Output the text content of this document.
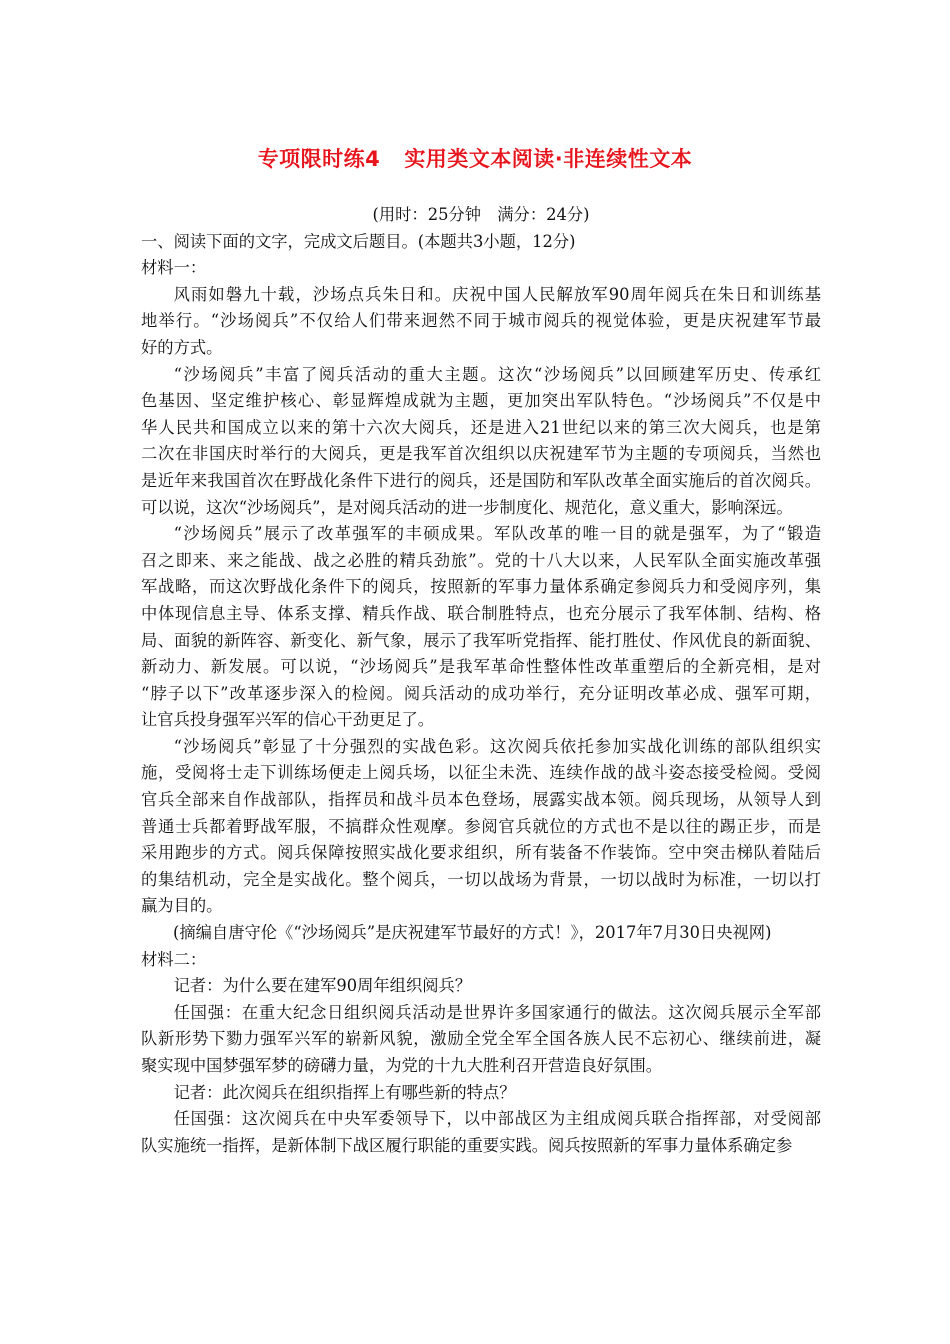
专项限时练4 实用类文本阅读·非连续性文本
(用时：25分钟　满分：24分)
一、阅读下面的文字，完成文后题目。(本题共3小题，12分)
材料一：
风雨如磐九十载，沙场点兵朱日和。庆祝中国人民解放军90周年阅兵在朱日和训练基
地举行。“沙场阅兵”不仅给人们带来迥然不同于城市阅兵的视觉体验，更是庆祝建军节最
好的方式。
“沙场阅兵”丰富了阅兵活动的重大主题。这次“沙场阅兵”以回顾建军历史、传承红
色基因、坚定维护核心、彰显辉煌成就为主题，更加突出军队特色。“沙场阅兵”不仅是中
华人民共和国成立以来的第十六次大阅兵，还是进入21世纪以来的第三次大阅兵，也是第
二次在非国庆时举行的大阅兵，更是我军首次组织以庆祝建军节为主题的专项阅兵，当然也
是近年来我国首次在野战化条件下进行的阅兵，还是国防和军队改革全面实施后的首次阅兵。
可以说，这次“沙场阅兵”，是对阅兵活动的进一步制度化、规范化，意义重大，影响深远。
“沙场阅兵”展示了改革强军的丰硕成果。军队改革的唯一目的就是强军，为了“锻造
召之即来、来之能战、战之必胜的精兵劲旅”。党的十八大以来，人民军队全面实施改革强
军战略，而这次野战化条件下的阅兵，按照新的军事力量体系确定参阅兵力和受阅序列，集
中体现信息主导、体系支撑、精兵作战、联合制胜特点，也充分展示了我军体制、结构、格
局、面貌的新阵容、新变化、新气象，展示了我军听党指挥、能打胜仗、作风优良的新面貌、
新动力、新发展。可以说，“沙场阅兵”是我军革命性整体性改革重塑后的全新亮相，是对
“脖子以下”改革逐步深入的检阅。阅兵活动的成功举行，充分证明改革必成、强军可期，
让官兵投身强军兴军的信心干劲更足了。
“沙场阅兵”彰显了十分强烈的实战色彩。这次阅兵依托参加实战化训练的部队组织实
施，受阅将士走下训练场便走上阅兵场，以征尘未洗、连续作战的战斗姿态接受检阅。受阅
官兵全部来自作战部队，指挥员和战斗员本色登场，展露实战本领。阅兵现场，从领导人到
普通士兵都着野战军服，不搞群众性观摩。参阅官兵就位的方式也不是以往的踢正步，而是
采用跑步的方式。阅兵保障按照实战化要求组织，所有装备不作装饰。空中突击梯队着陆后
的集结机动，完全是实战化。整个阅兵，一切以战场为背景，一切以战时为标准，一切以打
赢为目的。
(摘编自唐守伦《“沙场阅兵”是庆祝建军节最好的方式！》，2017年7月30日央视网)
材料二：
记者：为什么要在建军90周年组织阅兵？
任国强：在重大纪念日组织阅兵活动是世界许多国家通行的做法。这次阅兵展示全军部
队新形势下勠力强军兴军的崭新风貌，激励全党全军全国各族人民不忘初心、继续前进，凝
聚实现中国梦强军梦的磅礴力量，为党的十九大胜利召开营造良好氛围。
记者：此次阅兵在组织指挥上有哪些新的特点？
任国强：这次阅兵在中央军委领导下，以中部战区为主组成阅兵联合指挥部，对受阅部
队实施统一指挥，是新体制下战区履行职能的重要实践。阅兵按照新的军事力量体系确定参
